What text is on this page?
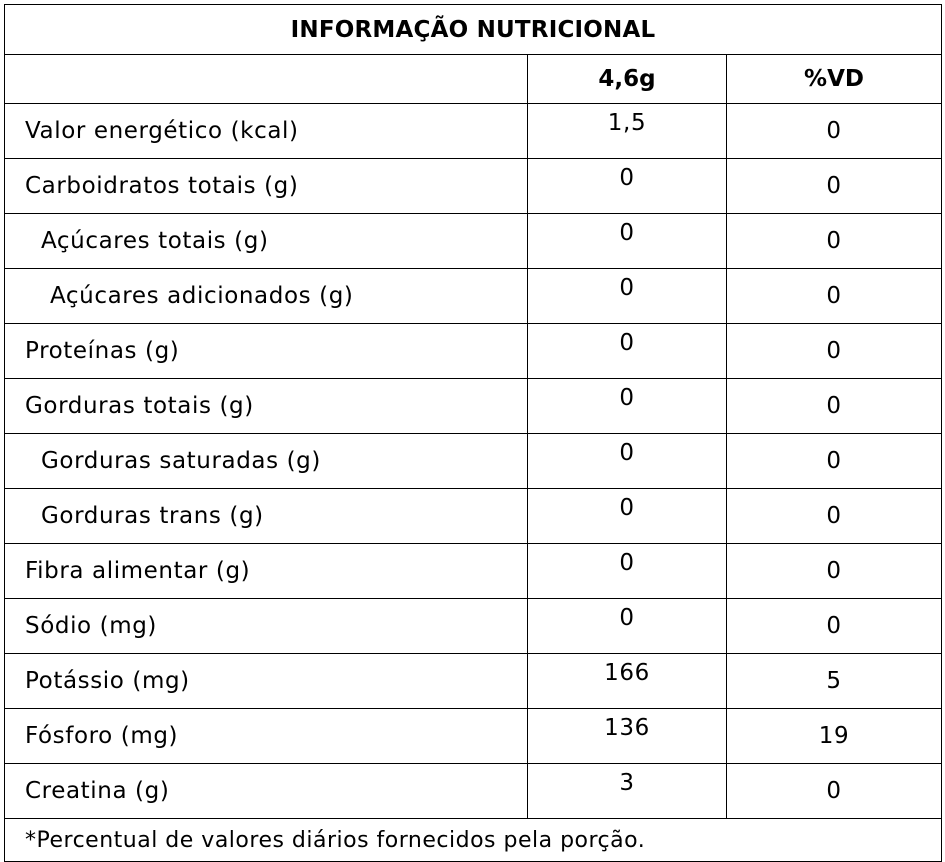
INFORMAÇÃO NUTRICIONAL		
	4,6g	%VD
Valor energético (kcal)	1,5	0
Carboidratos totais (g)	0	0
Açúcares totais (g)	0	0
Açúcares adicionados (g)	0	0
Proteínas (g)	0	0
Gorduras totais (g)	0	0
Gorduras saturadas (g)	0	0
Gorduras trans (g)	0	0
Fibra alimentar (g)	0	0
Sódio (mg)	0	0
Potássio (mg)	166	5
Fósforo (mg)	136	19
Creatina (g)	3	0
*Percentual de valores diários fornecidos pela porção.		
